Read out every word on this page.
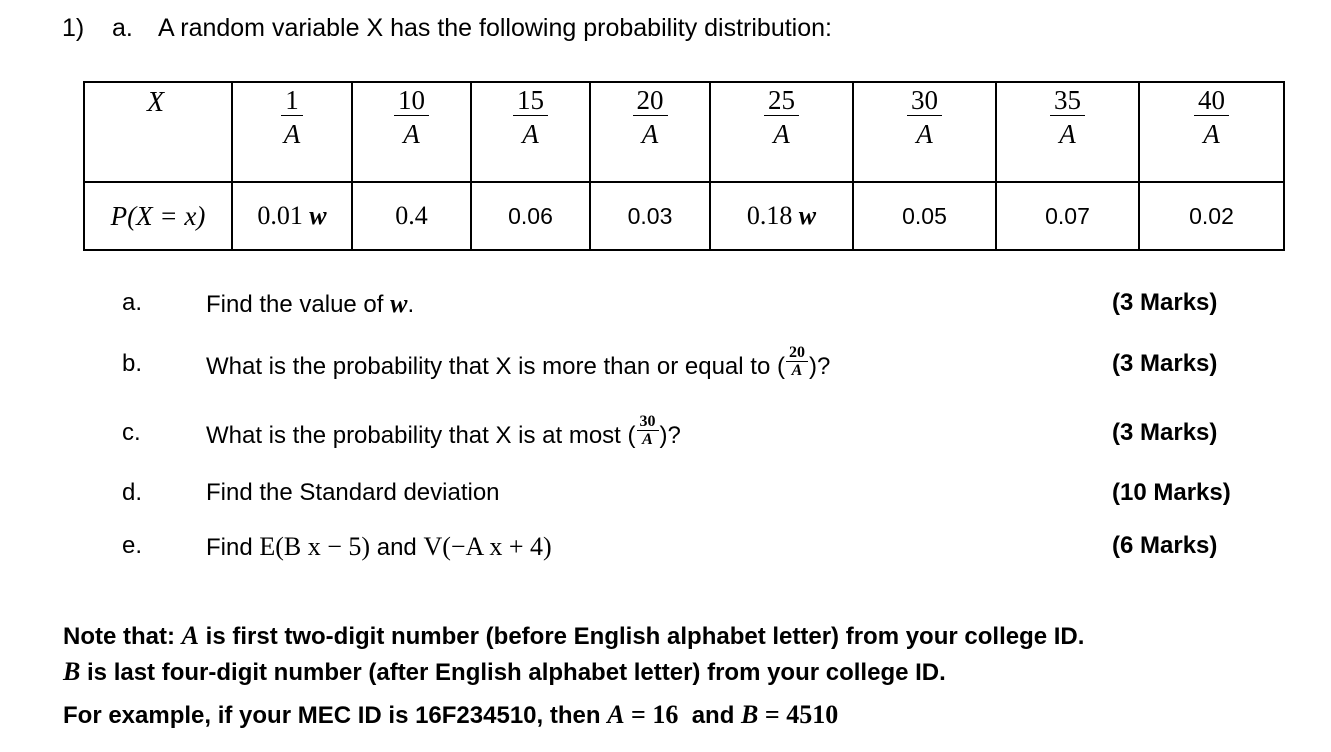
1) a. A random variable X has the following probability distribution:
X	$\frac{1}{A}$	$\frac{10}{A}$	$\frac{15}{A}$	$\frac{20}{A}$	$\frac{25}{A}$	$\frac{30}{A}$	$\frac{35}{A}$	$\frac{40}{A}$

P(X = x)	0.01 w	0.4	0.06	0.03	0.18 w	0.05	0.07	0.02
a.	Find the value of w.	(3 Marks)
b.	What is the probability that X is more than or equal to ( $\frac{20}{A}$ )?	(3 Marks)
c.	What is the probability that X is at most ( $\frac{30}{A}$ )?	(3 Marks)
d.	Find the Standard deviation	(10 Marks)
e.	Find E(B x − 5) and V(−A x + 4)	(6 Marks)
Note that: A is first two-digit number (before English alphabet letter) from your college ID.
B is last four-digit number (after English alphabet letter) from your college ID.
For example, if your MEC ID is 16F234510, then A = 16  and B = 4510
